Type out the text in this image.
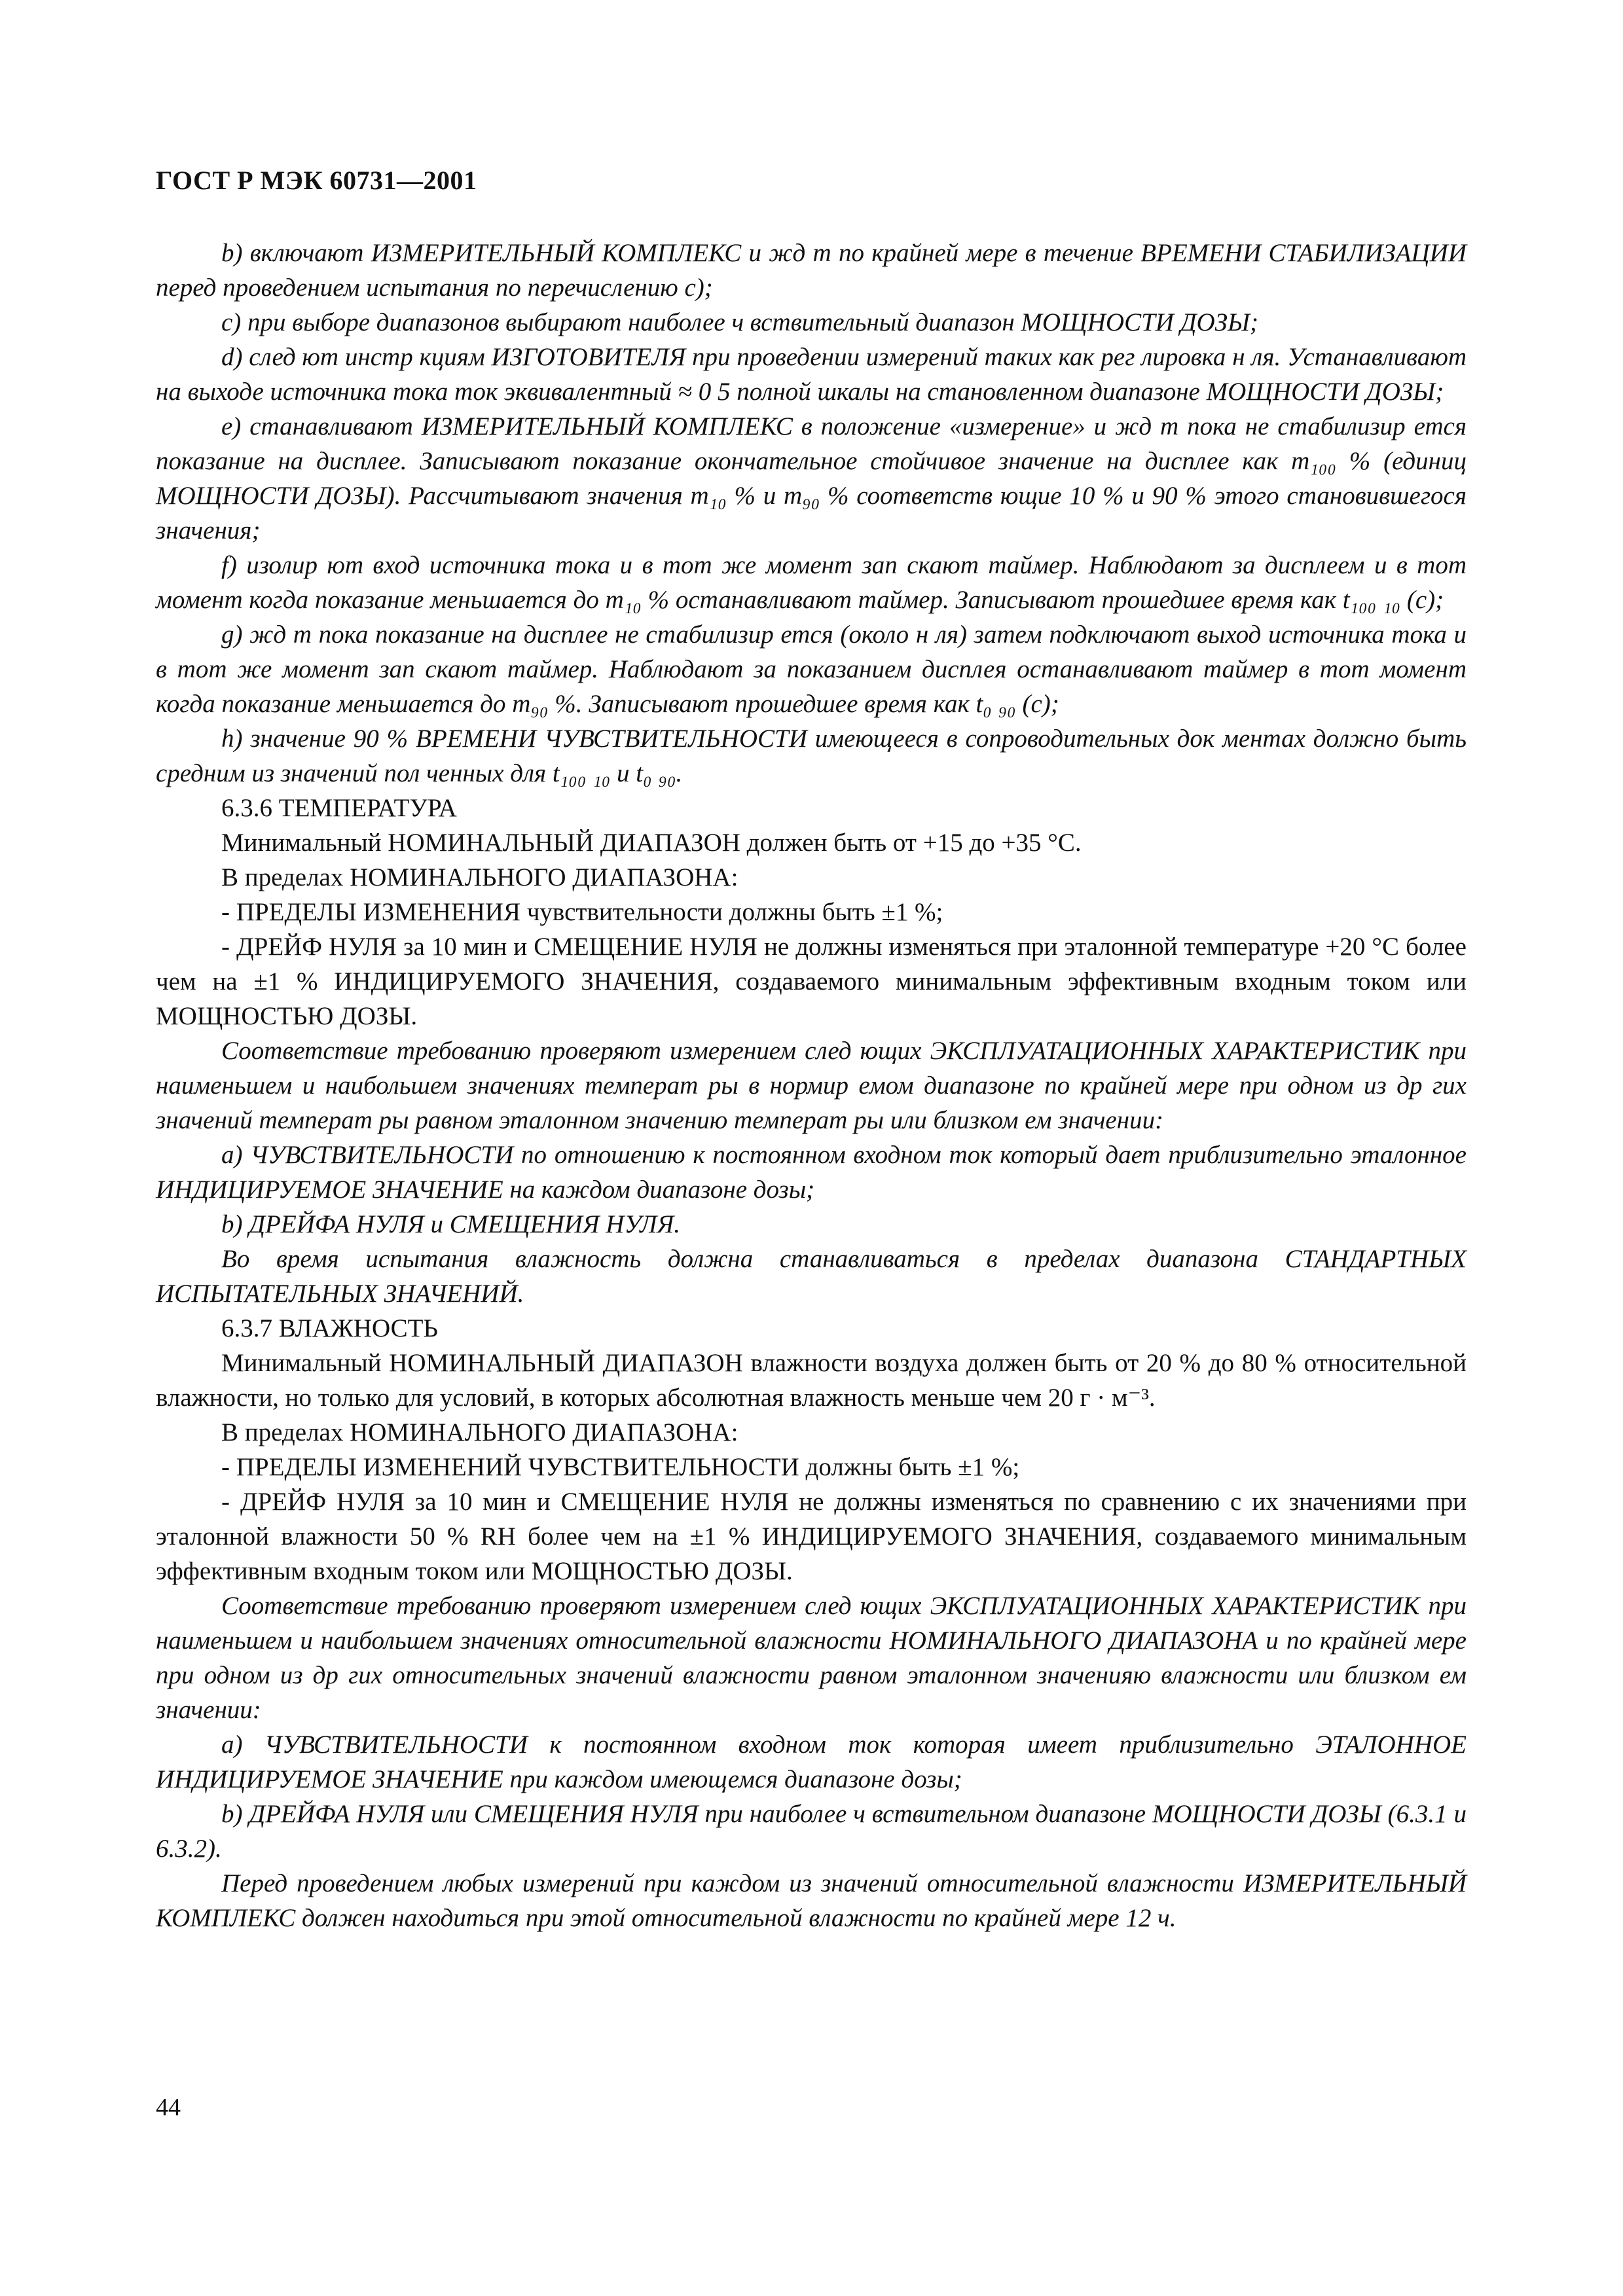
ГОСТ Р МЭК 60731—2001

b) включают ИЗМЕРИТЕЛЬНЫЙ КОМПЛЕКС и жд т по крайней мере в течение ВРЕМЕНИ СТАБИЛИЗАЦИИ перед проведением испытания по перечислению с);

с) при выборе диапазонов выбирают наиболее ч вствительный диапазон МОЩНОСТИ ДОЗЫ;

d) след ют инстр кциям ИЗГОТОВИТЕЛЯ при проведении измерений таких как рег лировка н ля. Устанавливают на выходе источника тока ток эквивалентный ≈ 0 5 полной шкалы на становленном диапазоне МОЩНОСТИ ДОЗЫ;

е) станавливают ИЗМЕРИТЕЛЬНЫЙ КОМПЛЕКС в положение «измерение» и жд т пока не стабилизир ется показание на дисплее. Записывают показание окончательное стойчивое значение на дисплее как m₁₀₀ % (единиц МОЩНОСТИ ДОЗЫ). Рассчитывают значения m₁₀ % и m₉₀ % соответств ющие 10 % и 90 % этого становившегося значения;

f) изолир ют вход источника тока и в тот же момент зап скают таймер. Наблюдают за дисплеем и в тот момент когда показание меньшается до m₁₀ % останавливают таймер. Записывают прошедшее время как t₁₀₀ ₁₀ (c);

g) жд т пока показание на дисплее не стабилизир ется (около н ля) затем подключают выход источника тока и в тот же момент зап скают таймер. Наблюдают за показанием дисплея останавливают таймер в тот момент когда показание меньшается до m₉₀ %. Записывают прошедшее время как t₀ ₉₀ (c);

h) значение 90 % ВРЕМЕНИ ЧУВСТВИТЕЛЬНОСТИ имеющееся в сопроводительных док ментах должно быть средним из значений пол ченных для t₁₀₀ ₁₀ и t₀ ₉₀.

6.3.6 ТЕМПЕРАТУРА

Минимальный НОМИНАЛЬНЫЙ ДИАПАЗОН должен быть от +15 до +35 °С.

В пределах НОМИНАЛЬНОГО ДИАПАЗОНА:

- ПРЕДЕЛЫ ИЗМЕНЕНИЯ чувствительности должны быть ±1 %;

- ДРЕЙФ НУЛЯ за 10 мин и СМЕЩЕНИЕ НУЛЯ не должны изменяться при эталонной температуре +20 °С более чем на ±1 % ИНДИЦИРУЕМОГО ЗНАЧЕНИЯ, создаваемого минимальным эффективным входным током или МОЩНОСТЬЮ ДОЗЫ.

Соответствие требованию проверяют измерением след ющих ЭКСПЛУАТАЦИОННЫХ ХАРАКТЕРИСТИК при наименьшем и наибольшем значениях температ ры в нормир емом диапазоне по крайней мере при одном из др гих значений температ ры равном эталонном значению температ ры или близком ем значении:

а) ЧУВСТВИТЕЛЬНОСТИ по отношению к постоянном входном ток который дает приблизительно эталонное ИНДИЦИРУЕМОЕ ЗНАЧЕНИЕ на каждом диапазоне дозы;

b) ДРЕЙФА НУЛЯ и СМЕЩЕНИЯ НУЛЯ.

Во время испытания влажность должна станавливаться в пределах диапазона СТАНДАРТНЫХ ИСПЫТАТЕЛЬНЫХ ЗНАЧЕНИЙ.

6.3.7 ВЛАЖНОСТЬ

Минимальный НОМИНАЛЬНЫЙ ДИАПАЗОН влажности воздуха должен быть от 20 % до 80 % относительной влажности, но только для условий, в которых абсолютная влажность меньше чем 20 г · м⁻³.

В пределах НОМИНАЛЬНОГО ДИАПАЗОНА:

- ПРЕДЕЛЫ ИЗМЕНЕНИЙ ЧУВСТВИТЕЛЬНОСТИ должны быть ±1 %;

- ДРЕЙФ НУЛЯ за 10 мин и СМЕЩЕНИЕ НУЛЯ не должны изменяться по сравнению с их значениями при эталонной влажности 50 % RH более чем на ±1 % ИНДИЦИРУЕМОГО ЗНАЧЕНИЯ, создаваемого минимальным эффективным входным током или МОЩНОСТЬЮ ДОЗЫ.

Соответствие требованию проверяют измерением след ющих ЭКСПЛУАТАЦИОННЫХ ХАРАКТЕРИСТИК при наименьшем и наибольшем значениях относительной влажности НОМИНАЛЬНОГО ДИАПАЗОНА и по крайней мере при одном из др гих относительных значений влажности равном эталонном значенияю влажности или близком ем значении:

а) ЧУВСТВИТЕЛЬНОСТИ к постоянном входном ток которая имеет приблизительно ЭТАЛОННОЕ ИНДИЦИРУЕМОЕ ЗНАЧЕНИЕ при каждом имеющемся диапазоне дозы;

b) ДРЕЙФА НУЛЯ или СМЕЩЕНИЯ НУЛЯ при наиболее ч вствительном диапазоне МОЩНОСТИ ДОЗЫ (6.3.1 и 6.3.2).

Перед проведением любых измерений при каждом из значений относительной влажности ИЗМЕРИТЕЛЬНЫЙ КОМПЛЕКС должен находиться при этой относительной влажности по крайней мере 12 ч.

44
